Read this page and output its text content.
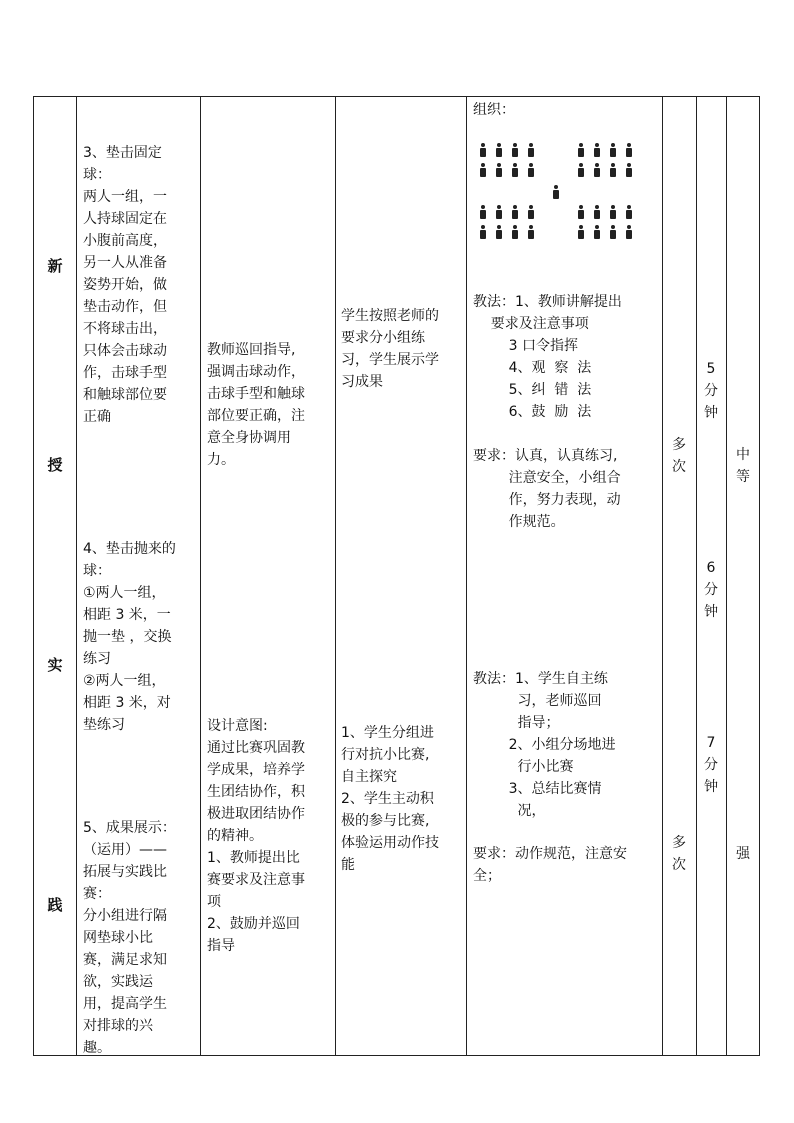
新
授
实
践

3、垫击固定

球：

两人一组，一

人持球固定在

小腹前高度，

另一人从准备

姿势开始，做

垫击动作，但

不将球击出，

只体会击球动

作，击球手型

和触球部位要

正确

4、垫击抛来的

球：

①两人一组，

相距 3 米，一

抛一垫 ，交换

练习

②两人一组，

相距 3 米，对

垫练习

5、成果展示：

（运用）——

拓展与实践比

赛：

分小组进行隔

网垫球小比

赛，满足求知

欲，实践运

用，提高学生

对排球的兴

趣。

教师巡回指导,

强调击球动作，

击球手型和触球

部位要正确，注

意全身协调用

力。

设计意图:

通过比赛巩固教

学成果，培养学

生团结协作，积

极进取团结协作

的精神。

1、教师提出比

赛要求及注意事

项

2、鼓励并巡回

指导

学生按照老师的

要求分小组练

习，学生展示学

习成果

1、学生分组进

行对抗小比赛,

自主探究

2、学生主动积

极的参与比赛,

体验运用动作技

能

组织：

教法：1、教师讲解提出

要求及注意事项

3 口令指挥

4、观  察  法

5、纠  错  法

6、鼓  励  法

要求：认真，认真练习,

注意安全，小组合

作，努力表现，动

作规范。

教法：1、学生自主练

习，老师巡回

指导；

2、小组分场地进

行小比赛

3、总结比赛情

况，

要求：动作规范，注意安

全；

多
次
多
次
5
分
钟
6
分
钟
7
分
钟
中
等
强
